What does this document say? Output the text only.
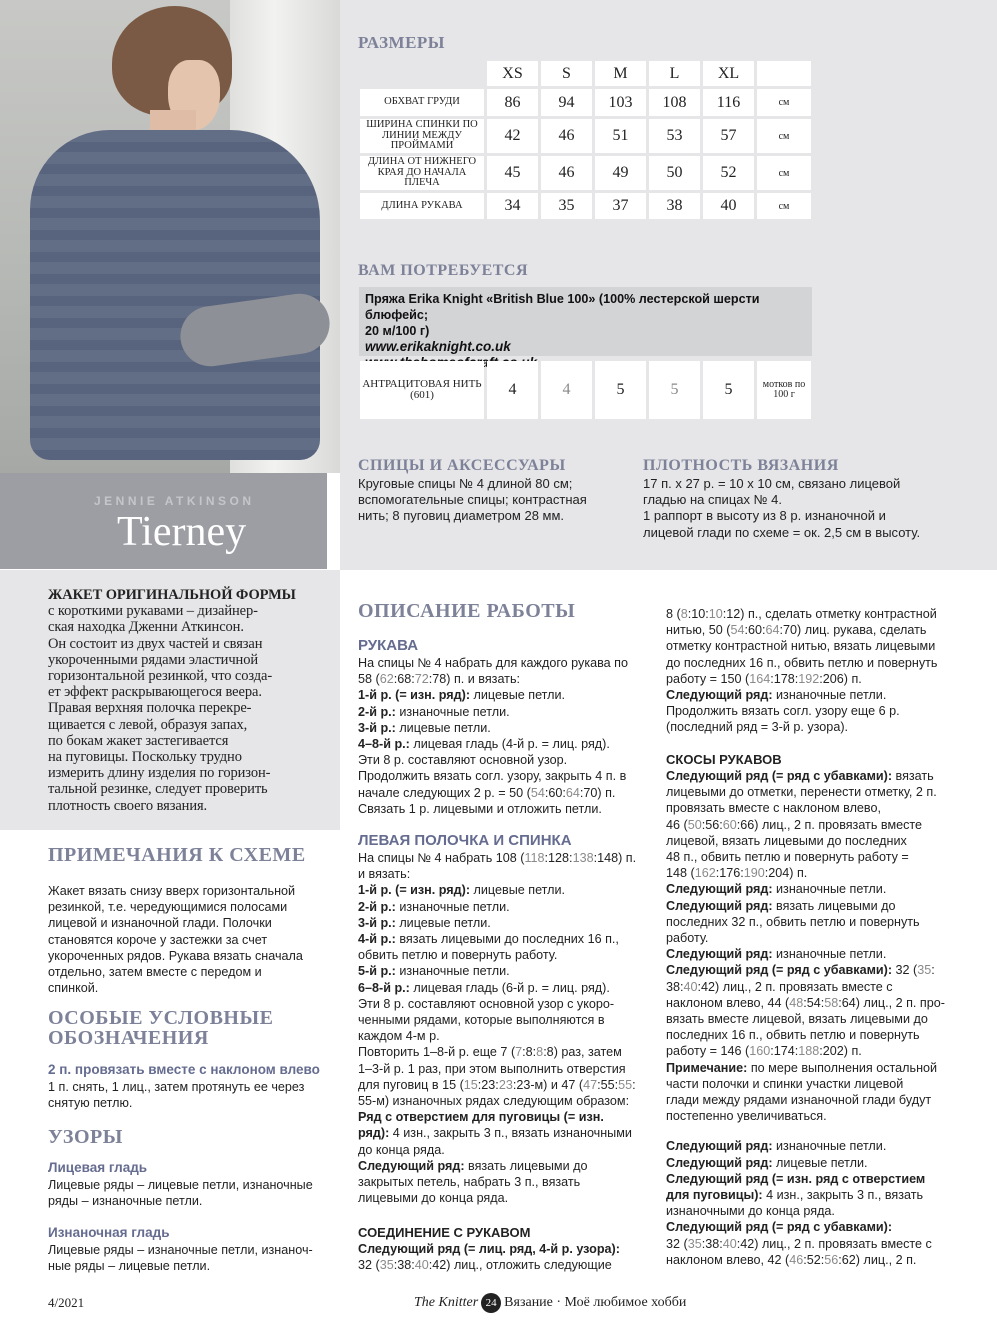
JENNIE ATKINSON
Tierney
РАЗМЕРЫ
	XS	S	M	L	XL	
ОБХВАТ ГРУДИ	86	94	103	108	116	см
ШИРИНА СПИНКИ ПО ЛИНИИ МЕЖДУ ПРОЙМАМИ	42	46	51	53	57	см
ДЛИНА ОТ НИЖНЕГО КРАЯ ДО НАЧАЛА ПЛЕЧА	45	46	49	50	52	см
ДЛИНА РУКАВА	34	35	37	38	40	см
ВАМ ПОТРЕБУЕТСЯ
Пряжа Erika Knight «British Blue 100» (100% лестерской шерсти блюфейс;
20 м/100 г)
www.erikaknight.co.uk
АНТРАЦИТОВАЯ НИТЬ (601)	4	4	5	5	5	мотков по 100 г
СПИЦЫ И АКСЕССУАРЫ

Круговые спицы № 4 длиной 80 см;

вспомогательные спицы; контрастная

нить; 8 пуговиц диаметром 28 мм.

ПЛОТНОСТЬ ВЯЗАНИЯ

17 п. х 27 р. = 10 х 10 см, связано лицевой

гладью на спицах № 4.

1 раппорт в высоту из 8 р. изнаночной и

лицевой глади по схеме = ок. 2,5 см в высоту.

ЖАКЕТ ОРИГИНАЛЬНОЙ ФОРМЫ
с короткими рукавами – дизайнер-
ская находка Дженни Аткинсон.
Он состоит из двух частей и связан
укороченными рядами эластичной
горизонтальной резинкой, что созда-
ет эффект раскрывающегося веера.
Правая верхняя полочка перекре-
щивается с левой, образуя запах,
по бокам жакет застегивается
на пуговицы. Поскольку трудно
измерить длину изделия по горизон-
тальной резинке, следует проверить
плотность своего вязания.
ПРИМЕЧАНИЯ К СХЕМЕ

Жакет вязать снизу вверх горизонтальной

резинкой, т.е. чередующимися полосами

лицевой и изнаночной глади. Полочки

становятся короче у застежки за счет

укороченных рядов. Рукава вязать сначала

отдельно, затем вместе с передом и

спинкой.

ОСОБЫЕ УСЛОВНЫЕ
ОБОЗНАЧЕНИЯ
2 п. провязать вместе с наклоном влево

1 п. снять, 1 лиц., затем протянуть ее через

снятую петлю.

УЗОРЫ
Лицевая гладь

Лицевые ряды – лицевые петли, изнаночные

ряды – изнаночные петли.

Изнаночная гладь

Лицевые ряды – изнаночные петли, изнаноч-

ные ряды – лицевые петли.

ОПИСАНИЕ РАБОТЫ
РУКАВА

На спицы № 4 набрать для каждого рукава по

58 (62:68:72:78) п. и вязать:

1-й р. (= изн. ряд): лицевые петли.

2-й р.: изнаночные петли.

3-й р.: лицевые петли.

4–8-й р.: лицевая гладь (4-й р. = лиц. ряд).

Эти 8 р. составляют основной узор.

Продолжить вязать согл. узору, закрыть 4 п. в

начале следующих 2 р. = 50 (54:60:64:70) п.

Связать 1 р. лицевыми и отложить петли.

ЛЕВАЯ ПОЛОЧКА И СПИНКА

На спицы № 4 набрать 108 (118:128:138:148) п.

и вязать:

1-й р. (= изн. ряд): лицевые петли.

2-й р.: изнаночные петли.

3-й р.: лицевые петли.

4-й р.: вязать лицевыми до последних 16 п.,

обвить петлю и повернуть работу.

5-й р.: изнаночные петли.

6–8-й р.: лицевая гладь (6-й р. = лиц. ряд).

Эти 8 р. составляют основной узор с укоро-

ченными рядами, которые выполняются в

каждом 4-м р.

Повторить 1–8-й р. еще 7 (7:8:8:8) раз, затем

1–3-й р. 1 раз, при этом выполнить отверстия

для пуговиц в 15 (15:23:23:23-м) и 47 (47:55:55:

55-м) изнаночных рядах следующим образом:

Ряд с отверстием для пуговицы (= изн.

ряд): 4 изн., закрыть 3 п., вязать изнаночными

до конца ряда.

Следующий ряд: вязать лицевыми до

закрытых петель, набрать 3 п., вязать

лицевыми до конца ряда.

СОЕДИНЕНИЕ С РУКАВОМ

Следующий ряд (= лиц. ряд, 4-й р. узора):

32 (35:38:40:42) лиц., отложить следующие

8 (8:10:10:12) п., сделать отметку контрастной

нитью, 50 (54:60:64:70) лиц. рукава, сделать

отметку контрастной нитью, вязать лицевыми

до последних 16 п., обвить петлю и повернуть

работу = 150 (164:178:192:206) п.

Следующий ряд: изнаночные петли.

Продолжить вязать согл. узору еще 6 р.

(последний ряд = 3-й р. узора).

СКОСЫ РУКАВОВ

Следующий ряд (= ряд с убавками): вязать

лицевыми до отметки, перенести отметку, 2 п.

провязать вместе с наклоном влево,

46 (50:56:60:66) лиц., 2 п. провязать вместе

лицевой, вязать лицевыми до последних

48 п., обвить петлю и повернуть работу =

148 (162:176:190:204) п.

Следующий ряд: изнаночные петли.

Следующий ряд: вязать лицевыми до

последних 32 п., обвить петлю и повернуть

работу.

Следующий ряд: изнаночные петли.

Следующий ряд (= ряд с убавками): 32 (35:

38:40:42) лиц., 2 п. провязать вместе с

наклоном влево, 44 (48:54:58:64) лиц., 2 п. про-

вязать вместе лицевой, вязать лицевыми до

последних 16 п., обвить петлю и повернуть

работу = 146 (160:174:188:202) п.

Примечание: по мере выполнения остальной

части полочки и спинки участки лицевой

глади между рядами изнаночной глади будут

постепенно увеличиваться.

Следующий ряд: изнаночные петли.

Следующий ряд: лицевые петли.

Следующий ряд (= изн. ряд с отверстием

для пуговицы): 4 изн., закрыть 3 п., вязать

изнаночными до конца ряда.

Следующий ряд (= ряд с убавками):

32 (35:38:40:42) лиц., 2 п. провязать вместе с

наклоном влево, 42 (46:52:56:62) лиц., 2 п.

4/2021	The Knitter 24 Вязание · Моё любимое хобби
